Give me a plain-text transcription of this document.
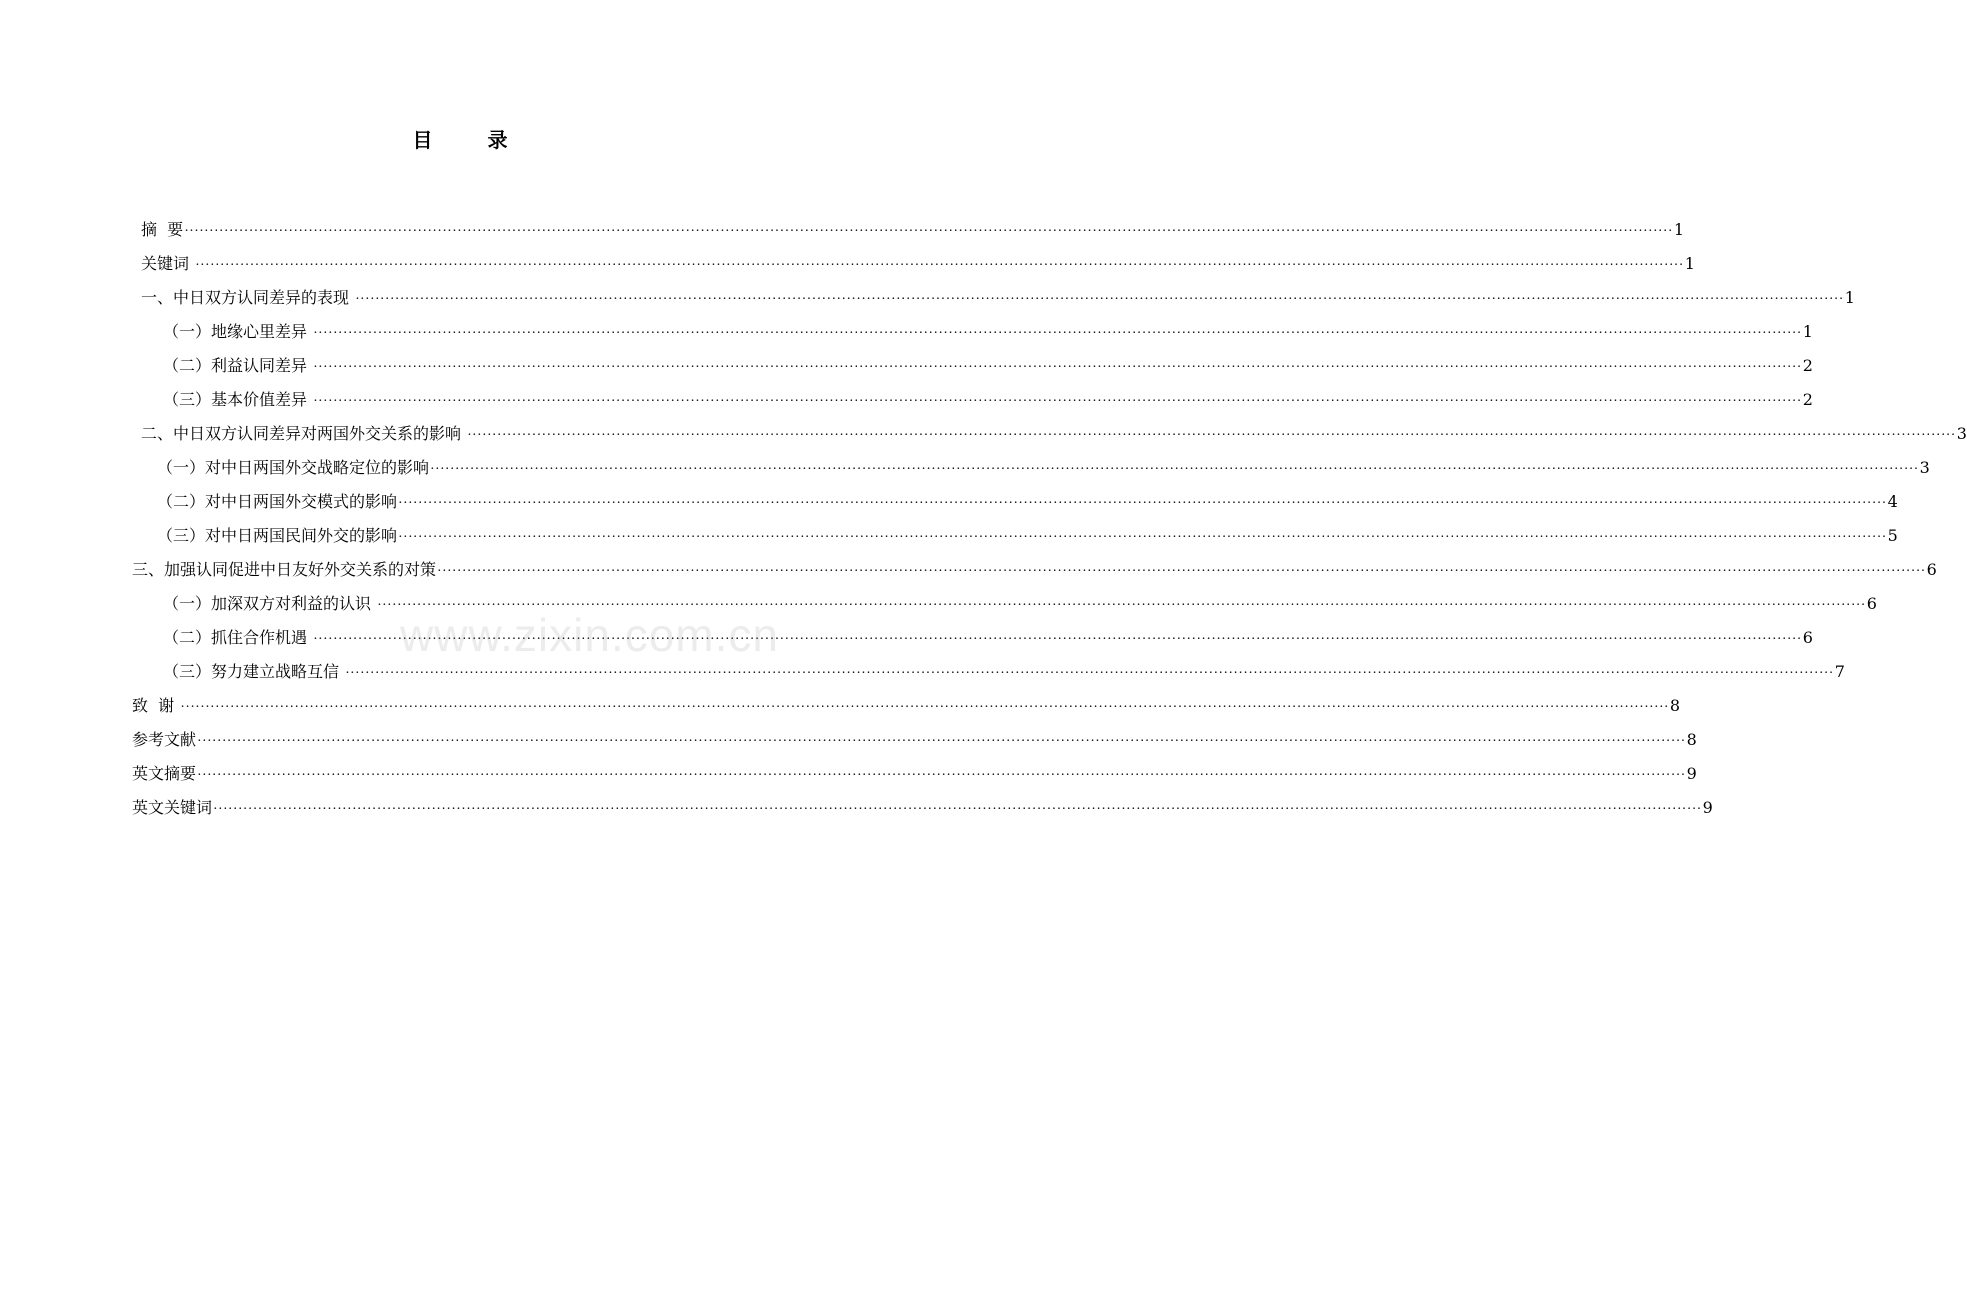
目 录
摘  要 ············································································································································································································································································································ 1
关键词 ············································································································································································································································································································ 1
一、中日双方认同差异的表现 ············································································································································································································································································································ 1
（一）地缘心里差异 ············································································································································································································································································································ 1
（二）利益认同差异 ············································································································································································································································································································ 2
（三）基本价值差异 ············································································································································································································································································································ 2
二、中日双方认同差异对两国外交关系的影响 ············································································································································································································································································································ 3
（一）对中日两国外交战略定位的影响 ············································································································································································································································································································ 3
（二）对中日两国外交模式的影响 ············································································································································································································································································································ 4
（三）对中日两国民间外交的影响 ············································································································································································································································································································ 5
三、加强认同促进中日友好外交关系的对策 ············································································································································································································································································································ 6
（一）加深双方对利益的认识 ············································································································································································································································································································ 6
（二）抓住合作机遇 ············································································································································································································································································································ 6
（三）努力建立战略互信 ············································································································································································································································································································ 7
致  谢 ············································································································································································································································································································ 8
参考文献 ············································································································································································································································································································ 8
英文摘要 ············································································································································································································································································································ 9
英文关键词 ············································································································································································································································································································ 9
www.zixin.com.cn
